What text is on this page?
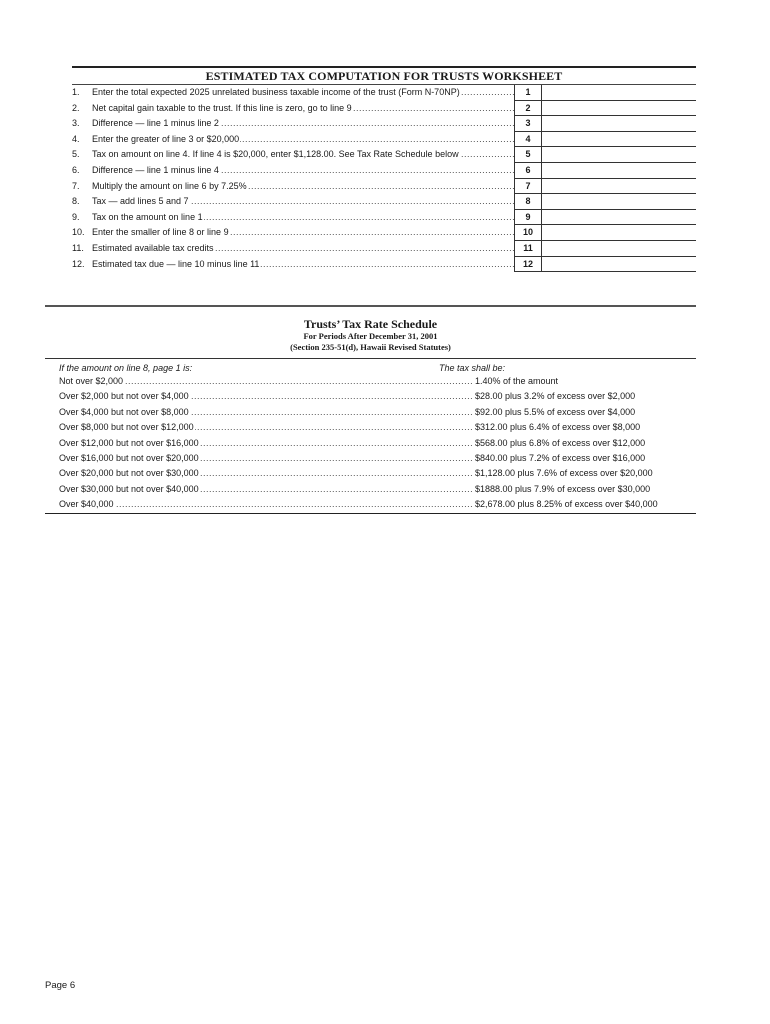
ESTIMATED TAX COMPUTATION FOR TRUSTS WORKSHEET
1.	Enter the total expected 2025 unrelated business taxable income of the trust (Form N-70NP) .....	1
2.	Net capital gain taxable to the trust. If this line is zero, go to line 9 .....	2
3.	Difference — line 1 minus line 2 .....	3
4.	Enter the greater of line 3 or $20,000 .....	4
5.	Tax on amount on line 4. If line 4 is $20,000, enter $1,128.00. See Tax Rate Schedule below .....	5
6.	Difference — line 1 minus line 4 .....	6
7.	Multiply the amount on line 6 by 7.25% .....	7
8.	Tax — add lines 5 and 7 .....	8
9.	Tax on the amount on line 1 .....	9
10. Enter the smaller of line 8 or line 9 .....	10
11. Estimated available tax credits .....	11
12. Estimated tax due — line 10 minus line 11 .....	12
Trusts’ Tax Rate Schedule
For Periods After December 31, 2001
(Section 235-51(d), Hawaii Revised Statutes)
If the amount on line 8, page 1 is:	The tax shall be:
Not over $2,000 .....	1.40% of the amount
Over $2,000 but not over $4,000 .....	$28.00 plus 3.2% of excess over $2,000
Over $4,000 but not over $8,000 .....	$92.00 plus 5.5% of excess over $4,000
Over $8,000 but not over $12,000 .....	$312.00 plus 6.4% of excess over $8,000
Over $12,000 but not over $16,000 .....	$568.00 plus 6.8% of excess over $12,000
Over $16,000 but not over $20,000 .....	$840.00 plus 7.2% of excess over $16,000
Over $20,000 but not over $30,000 .....	$1,128.00 plus 7.6% of excess over $20,000
Over $30,000 but not over $40,000 .....	$1888.00 plus 7.9% of excess over $30,000
Over $40,000 .....	$2,678.00 plus 8.25% of excess over $40,000
Page 6
